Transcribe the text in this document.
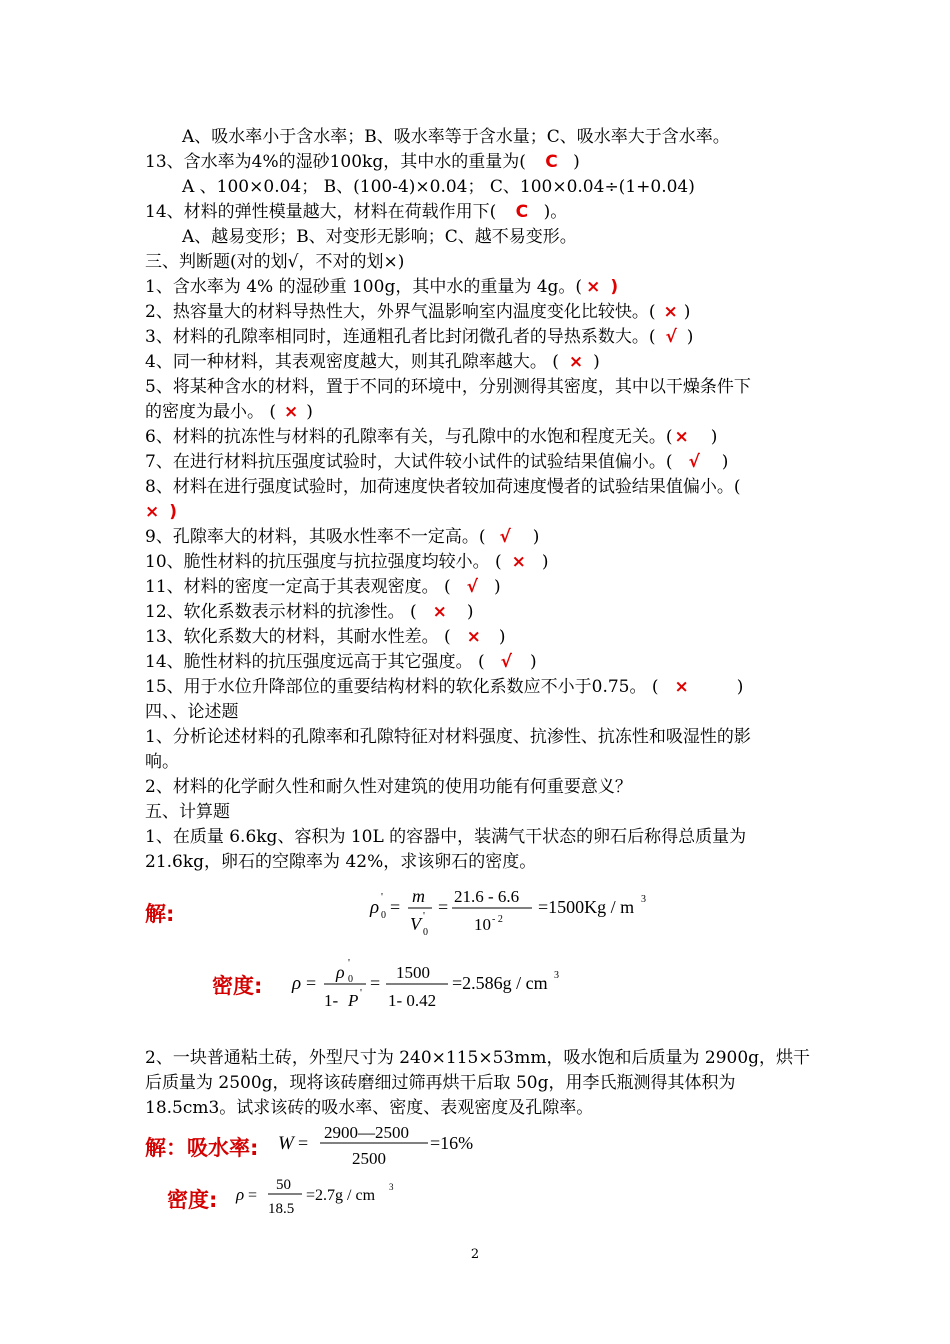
A、吸水率小于含水率；B、吸水率等于含水量；C、吸水率大于含水率。
13、含水率为4%的湿砂100kg，其中水的重量为( C )
A 、100×0.04； B、(100-4)×0.04； C、100×0.04÷(1+0.04)
14、材料的弹性模量越大，材料在荷载作用下( C )。
A、越易变形；B、对变形无影响；C、越不易变形。
三、判断题(对的划√，不对的划×)
1、含水率为 4% 的湿砂重 100g，其中水的重量为 4g。( × )
2、热容量大的材料导热性大，外界气温影响室内温度变化比较快。( × )
3、材料的孔隙率相同时，连通粗孔者比封闭微孔者的导热系数大。( √ )
4、同一种材料，其表观密度越大，则其孔隙率越大。 ( × )
5、将某种含水的材料，置于不同的环境中，分别测得其密度，其中以干燥条件下
的密度为最小。 ( × )
6、材料的抗冻性与材料的孔隙率有关，与孔隙中的水饱和程度无关。( × )
7、在进行材料抗压强度试验时，大试件较小试件的试验结果值偏小。( √ )
8、材料在进行强度试验时，加荷速度快者较加荷速度慢者的试验结果值偏小。(
× )
9、孔隙率大的材料，其吸水性率不一定高。( √ )
10、脆性材料的抗压强度与抗拉强度均较小。 ( × )
11、材料的密度一定高于其表观密度。 ( √ )
12、软化系数表示材料的抗渗性。 ( × )
13、软化系数大的材料，其耐水性差。 ( × )
14、脆性材料的抗压强度远高于其它强度。 ( √ )
15、用于水位升降部位的重要结构材料的软化系数应不小于0.75。 ( ×	)
四、、论述题
1、分析论述材料的孔隙率和孔隙特征对材料强度、抗渗性、抗冻性和吸湿性的影
响。
2、材料的化学耐久性和耐久性对建筑的使用功能有何重要意义？
五、计算题
1、在质量 6.6kg、容积为 10L 的容器中，装满气干状态的卵石后称得总质量为
21.6kg，卵石的空隙率为 42%，求该卵石的密度。
解:	ρ '
0 =
m
V '
0
=
21.6 - 6.6
10 - 2
=1500Kg / m 3
密度: ρ =
ρ '
0
1- P ' =
1500
1- 0.42
=2.586g / cm 3
2、一块普通粘土砖，外型尺寸为 240×115×53mm，吸水饱和后质量为 2900g，烘干
后质量为 2500g，现将该砖磨细过筛再烘干后取 50g，用李氏瓶测得其体积为
18.5cm3。试求该砖的吸水率、密度、表观密度及孔隙率。
解：吸水率: W =
2900—2500
2500
=16%
密度: ρ =
50
18.5
=2.7g / cm 3
2
